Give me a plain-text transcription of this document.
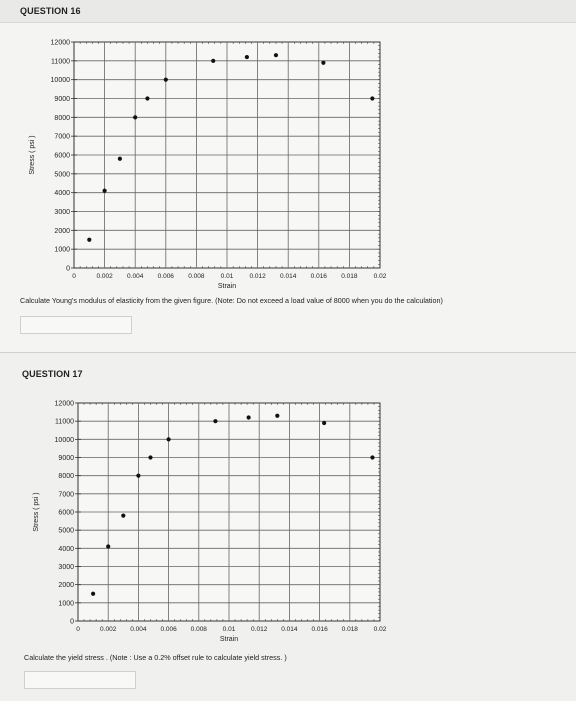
QUESTION 16
0
1000
2000
3000
4000
5000
6000
7000
8000
9000
10000
11000
12000
0	0.002 0.004 0.006 0.008 0.01 0.012 0.014 0.016 0.018 0.02
Strain
Stress ( psi )
Calculate Young's modulus of elasticity from the given figure. (Note: Do not exceed a load value of 8000 when you do the calculation)
QUESTION 17
0
1000
2000
3000
4000
5000
6000
7000
8000
9000
10000
11000
12000
0	0.002 0.004 0.006 0.008 0.01 0.012 0.014 0.016 0.018 0.02
Strain
Stress ( psi )
Calculate the yield stress . (Note : Use a 0.2% offset rule to calculate yield stress. )
